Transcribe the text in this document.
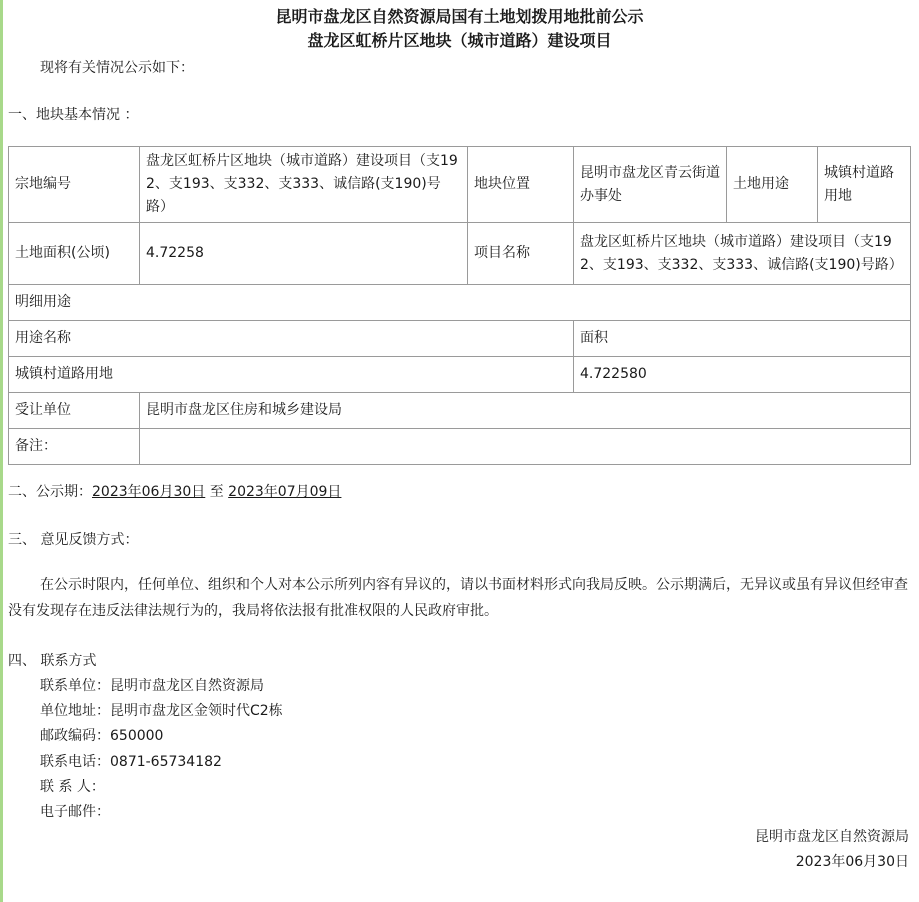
昆明市盘龙区自然资源局国有土地划拨用地批前公示
盘龙区虹桥片区地块（城市道路）建设项目
现将有关情况公示如下：
一、地块基本情况 ：
宗地编号	盘龙区虹桥片区地块（城市道路）建设项目（支192、支193、支332、支333、诚信路(支190)号路）	地块位置	昆明市盘龙区青云街道办事处	土地用途	城镇村道路用地
土地面积(公顷)	4.72258	项目名称	盘龙区虹桥片区地块（城市道路）建设项目（支192、支193、支332、支333、诚信路(支190)号路）		
明细用途					
用途名称			面积		
城镇村道路用地			4.722580		
受让单位	昆明市盘龙区住房和城乡建设局				
备注：					
二、公示期：2023年06月30日 至 2023年07月09日
三、 意见反馈方式：
在公示时限内，任何单位、组织和个人对本公示所列内容有异议的，请以书面材料形式向我局反映。公示期满后，无异议或虽有异议但经审查没有发现存在违反法律法规行为的，我局将依法报有批准权限的人民政府审批。
四、 联系方式
联系单位：昆明市盘龙区自然资源局
单位地址：昆明市盘龙区金领时代C2栋
邮政编码：650000
联系电话：0871-65734182
联 系 人：
电子邮件：
昆明市盘龙区自然资源局
2023年06月30日
